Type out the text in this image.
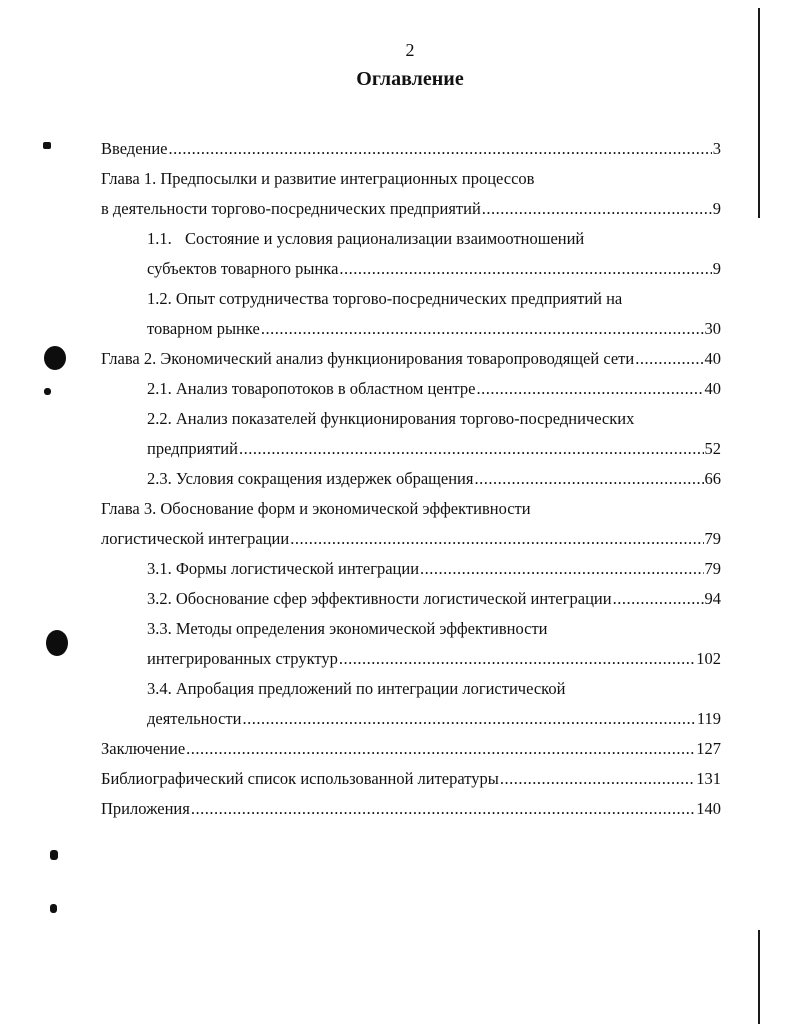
2
Оглавление
Введение .....	3
Глава 1. Предпосылки и развитие интеграционных процессов
в деятельности торгово-посреднических предприятий .....	9
1.1. Состояние и условия рационализации взаимоотношений
субъектов товарного рынка .....	9
1.2. Опыт сотрудничества торгово-посреднических предприятий на
товарном рынке .....	30
Глава 2. Экономический анализ функционирования товаропроводящей сети .....	40
2.1. Анализ товаропотоков в областном центре .....	40
2.2. Анализ показателей функционирования торгово-посреднических
предприятий .....	52
2.3. Условия сокращения издержек обращения .....	66
Глава 3. Обоснование форм и экономической эффективности
логистической интеграции .....	79
3.1. Формы логистической интеграции .....	79
3.2. Обоснование сфер эффективности логистической интеграции .....	94
3.3. Методы определения экономической эффективности
интегрированных структур .....	102
3.4. Апробация предложений по интеграции логистической
деятельности .....	119
Заключение .....	127
Библиографический список использованной литературы .....	131
Приложения .....	140
